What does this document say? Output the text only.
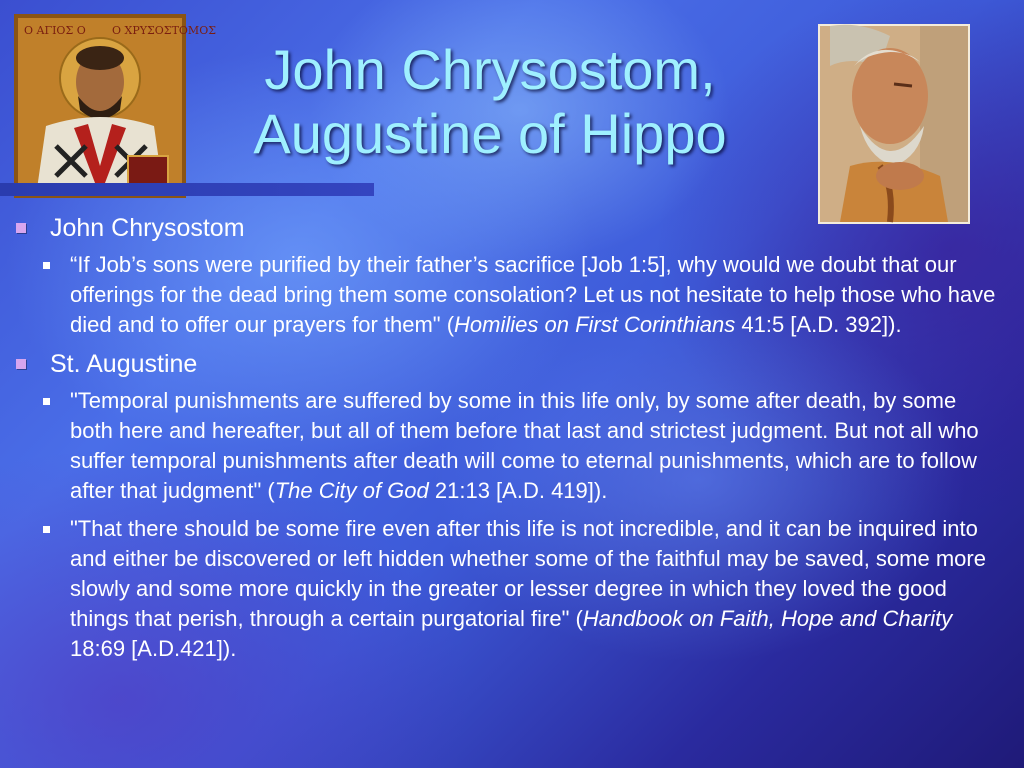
Ο ΑΓΙΟΣ Ο Ο ΧΡΥΣΟΣΤΟΜΟΣ
John Chrysostom,
Augustine of Hippo
John Chrysostom
“If Job’s sons were purified by their father’s sacrifice [Job 1:5], why would we doubt that our offerings for the dead bring them some consolation? Let us not hesitate to help those who have died and to offer our prayers for them" (Homilies on First Corinthians 41:5 [A.D. 392]).
St. Augustine
"Temporal punishments are suffered by some in this life only, by some after death, by some both here and hereafter, but all of them before that last and strictest judgment. But not all who suffer temporal punishments after death will come to eternal punishments, which are to follow after that judgment" (The City of God 21:13 [A.D. 419]).
"That there should be some fire even after this life is not incredible, and it can be inquired into and either be discovered or left hidden whether some of the faithful may be saved, some more slowly and some more quickly in the greater or lesser degree in which they loved the good things that perish, through a certain purgatorial fire" (Handbook on Faith, Hope and Charity 18:69 [A.D.421]).
